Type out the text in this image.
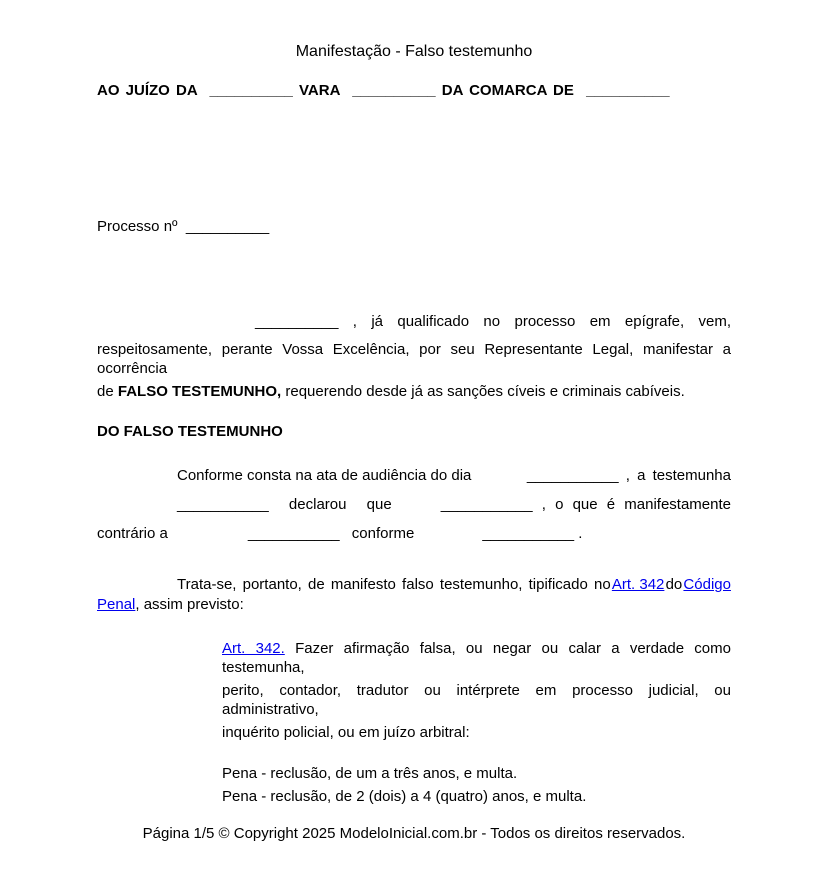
Manifestação - Falso testemunho
AO JUÍZO DA  __________ VARA  __________ DA COMARCA DE  __________
Processo nº  __________
__________ , já qualificado no processo em epígrafe, vem,
respeitosamente, perante Vossa Excelência, por seu Representante Legal, manifestar a ocorrência
de FALSO TESTEMUNHO, requerendo desde já as sanções cíveis e criminais cabíveis.
DO FALSO TESTEMUNHO
Conforme consta na ata de audiência do dia	___________ , a testemunha
___________ declarou que	___________ , o que é manifestamente
contrário a	___________ conforme	___________ .
Trata-se, portanto, de manifesto falso testemunho, tipificado no Art. 342 do Código
Penal, assim previsto:
Art. 342. Fazer afirmação falsa, ou negar ou calar a verdade como testemunha,
perito, contador, tradutor ou intérprete em processo judicial, ou administrativo,
inquérito policial, ou em juízo arbitral:
Pena - reclusão, de um a três anos, e multa.
Pena - reclusão, de 2 (dois) a 4 (quatro) anos, e multa.
Página 1/5 © Copyright 2025 ModeloInicial.com.br - Todos os direitos reservados.
